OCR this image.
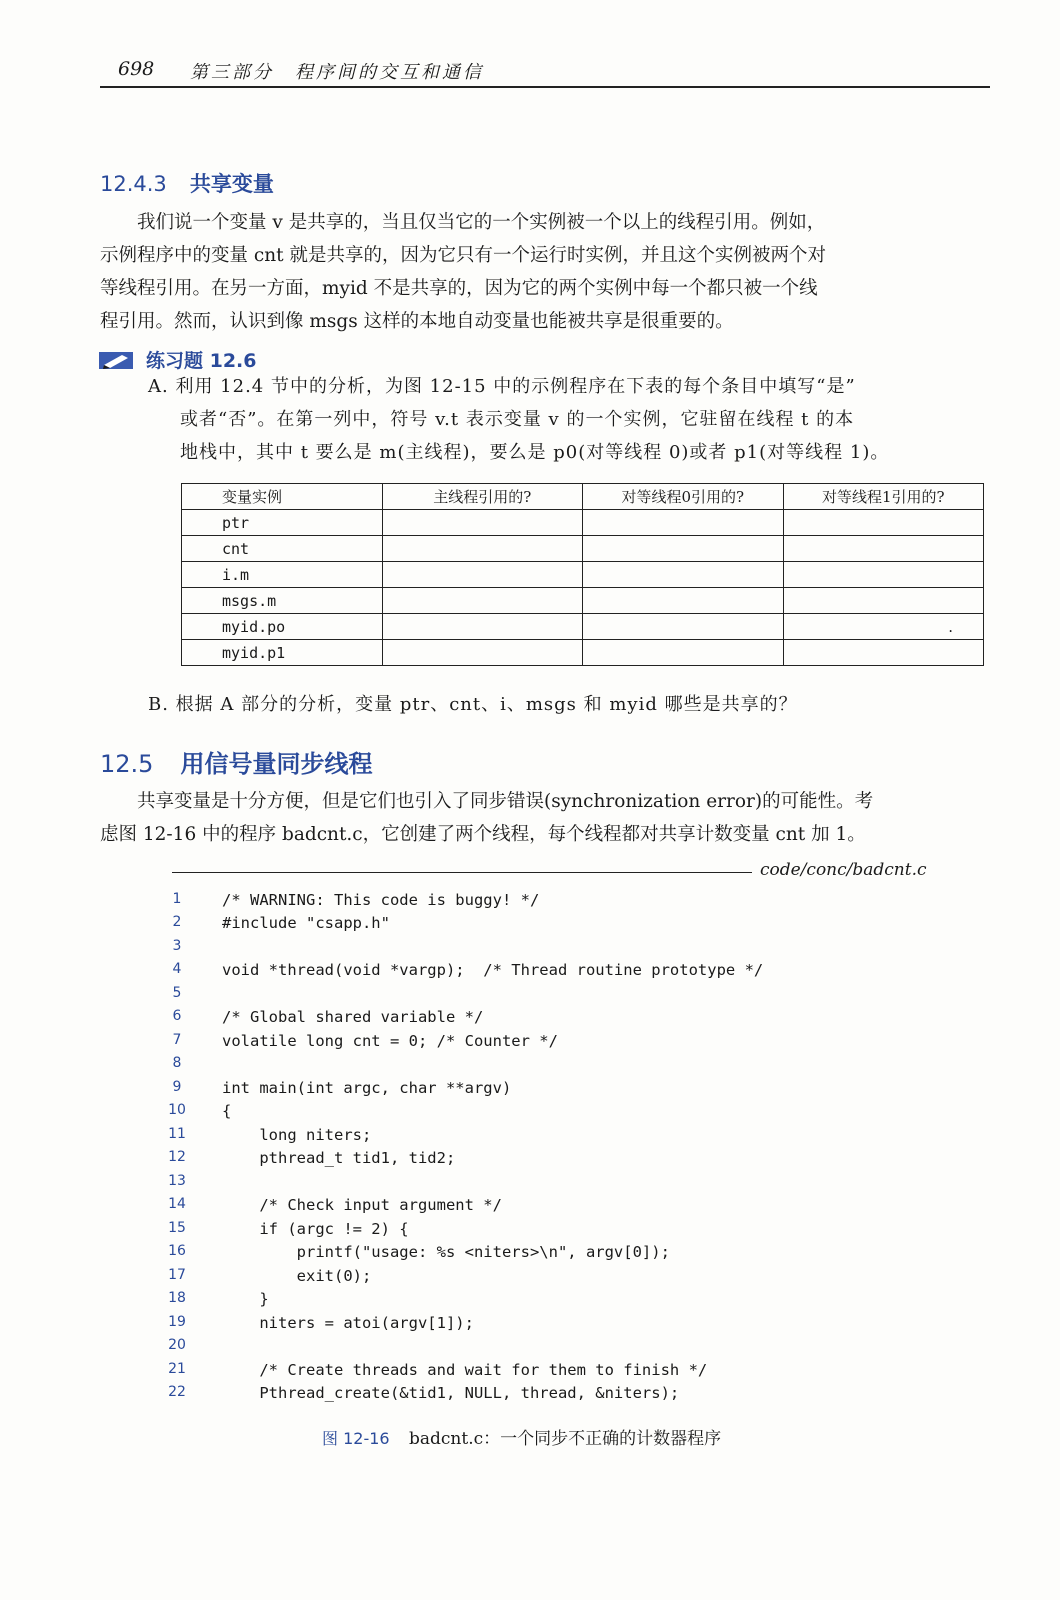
698 第三部分　程序间的交互和通信
12.4.3 共享变量
　　我们说一个变量 v 是共享的，当且仅当它的一个实例被一个以上的线程引用。例如，
示例程序中的变量 cnt 就是共享的，因为它只有一个运行时实例，并且这个实例被两个对
等线程引用。在另一方面，myid 不是共享的，因为它的两个实例中每一个都只被一个线
程引用。然而，认识到像 msgs 这样的本地自动变量也能被共享是很重要的。
练习题 12.6
A. 利用 12.4 节中的分析，为图 12-15 中的示例程序在下表的每个条目中填写“是”
或者“否”。在第一列中，符号 v.t 表示变量 v 的一个实例，它驻留在线程 t 的本
地栈中，其中 t 要么是 m(主线程)，要么是 p0(对等线程 0)或者 p1(对等线程 1)。
变量实例	主线程引用的?	对等线程0引用的?	对等线程1引用的?
ptr			
cnt			
i.m			
msgs.m			
myid.po			.
myid.p1			
B. 根据 A 部分的分析，变量 ptr、cnt、i、msgs 和 myid 哪些是共享的？
12.5 用信号量同步线程
　　共享变量是十分方便，但是它们也引入了同步错误(synchronization error)的可能性。考
虑图 12-16 中的程序 badcnt.c，它创建了两个线程，每个线程都对共享计数变量 cnt 加 1。
code/conc/badcnt.c
1	/* WARNING: This code is buggy! */
2	#include "csapp.h"
3
4	void *thread(void *vargp);  /* Thread routine prototype */
5
6	/* Global shared variable */
7	volatile long cnt = 0; /* Counter */
8
9	int main(int argc, char **argv)
10	{
11	long niters;
12	pthread_t tid1, tid2;
13
14	/* Check input argument */
15	if (argc != 2) {
16	printf("usage: %s <niters>\n", argv[0]);
17	exit(0);
18	}
19	niters = atoi(argv[1]);
20
21	/* Create threads and wait for them to finish */
22	Pthread_create(&tid1, NULL, thread, &niters);
图 12-16 badcnt.c：一个同步不正确的计数器程序
